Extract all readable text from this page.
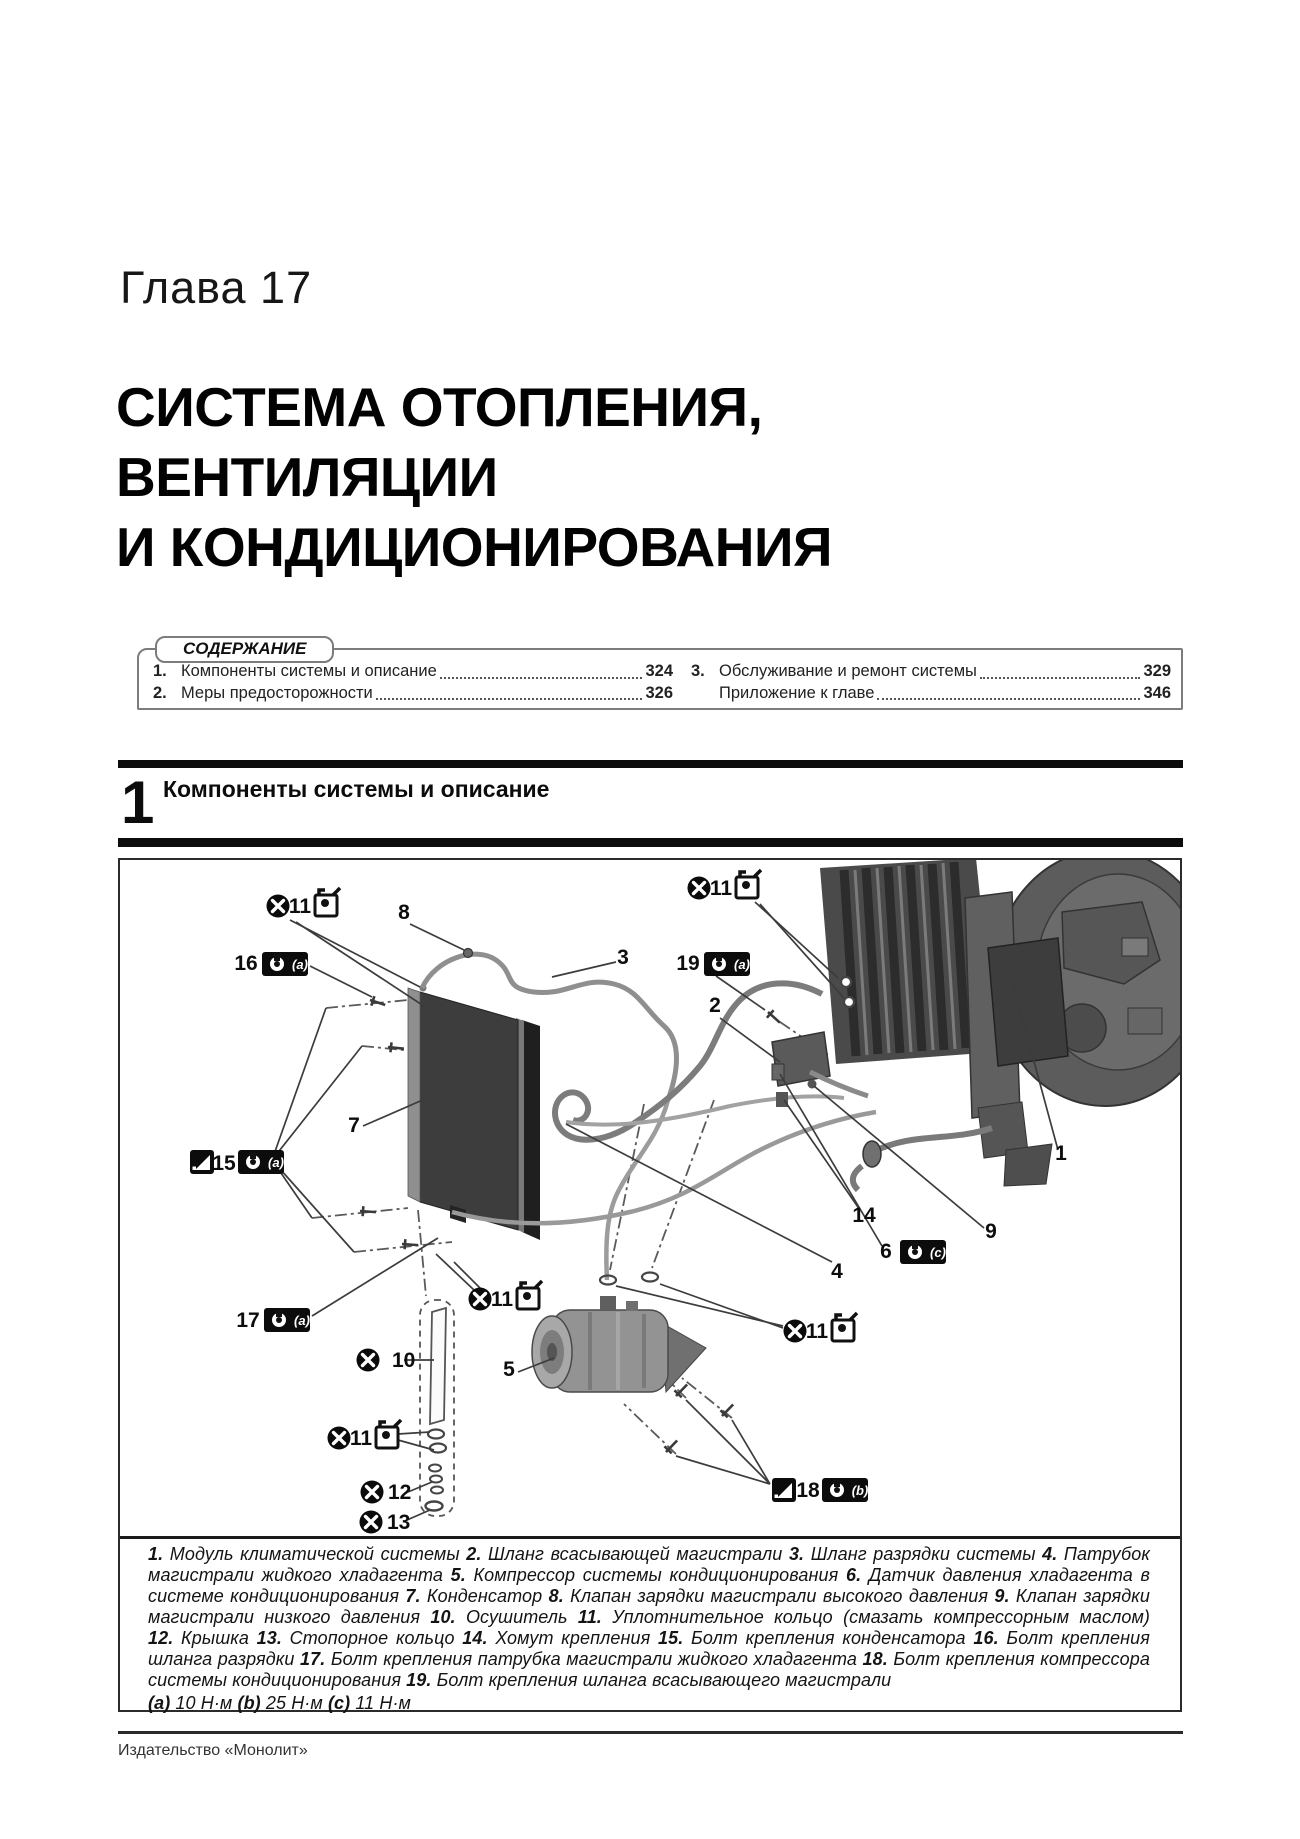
Глава 17
СИСТЕМА ОТОПЛЕНИЯ,
ВЕНТИЛЯЦИИ
И КОНДИЦИОНИРОВАНИЯ
СОДЕРЖАНИЕ
1. Компоненты системы и описание	324
2. Меры предосторожности	326
3. Обслуживание и ремонт системы	329
Приложение к главе	346
1 Компоненты системы и описание
11	8
16	(a)	3
7
15 (a)
11
19	(a)
2
1
9
14
6	(c)
4
17	(a)
10
11
12
13
5
11
11
18 (b)

1. Модуль климатической системы 2. Шланг всасывающей магистрали 3. Шланг разрядки системы 4. Патрубок магистрали жидкого хладагента 5. Компрессор системы кондиционирования 6. Датчик давления хладагента в системе кондиционирования 7. Конденсатор 8. Клапан зарядки магистрали высокого давления 9. Клапан зарядки магистрали низкого давления 10. Осушитель 11. Уплотнительное кольцо (смазать компрессорным маслом) 12. Крышка 13. Стопорное кольцо 14. Хомут крепления 15. Болт крепления конденсатора 16. Болт крепления шланга разрядки 17. Болт крепления патрубка магистрали жидкого хладагента 18. Болт крепления компрессора системы кондиционирования 19. Болт крепления шланга всасывающего магистрали

(a) 10 Н·м (b) 25 Н·м (c) 11 Н·м

Издательство «Монолит»
